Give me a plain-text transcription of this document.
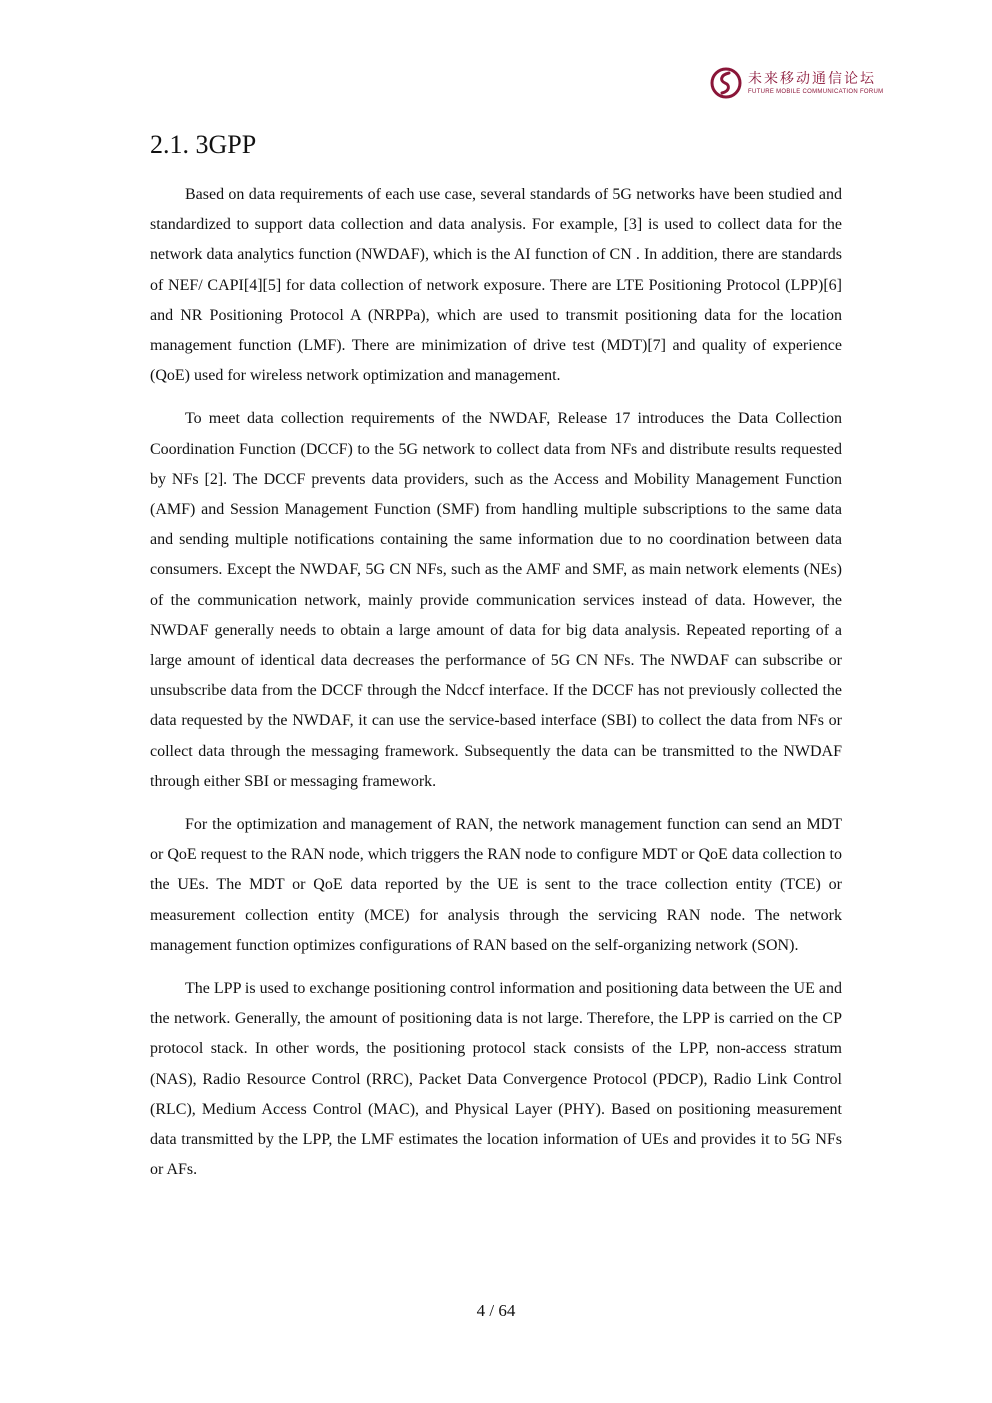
未来移动通信论坛
FUTURE MOBILE COMMUNICATION FORUM
2.1. 3GPP

Based on data requirements of each use case, several standards of 5G networks have been studied and standardized to support data collection and data analysis. For example, [3] is used to collect data for the network data analytics function (NWDAF), which is the AI function of CN . In addition, there are standards of NEF/ CAPI[4][5] for data collection of network exposure. There are LTE Positioning Protocol (LPP)[6] and NR Positioning Protocol A (NRPPa), which are used to transmit positioning data for the location management function (LMF). There are minimization of drive test (MDT)[7] and quality of experience (QoE) used for wireless network optimization and management.

To meet data collection requirements of the NWDAF, Release 17 introduces the Data Collection Coordination Function (DCCF) to the 5G network to collect data from NFs and distribute results requested by NFs [2]. The DCCF prevents data providers, such as the Access and Mobility Management Function (AMF) and Session Management Function (SMF) from handling multiple subscriptions to the same data and sending multiple notifications containing the same information due to no coordination between data consumers. Except the NWDAF, 5G CN NFs, such as the AMF and SMF, as main network elements (NEs) of the communication network, mainly provide communication services instead of data. However, the NWDAF generally needs to obtain a large amount of data for big data analysis. Repeated reporting of a large amount of identical data decreases the performance of 5G CN NFs. The NWDAF can subscribe or unsubscribe data from the DCCF through the Ndccf interface. If the DCCF has not previously collected the data requested by the NWDAF, it can use the service-based interface (SBI) to collect the data from NFs or collect data through the messaging framework. Subsequently the data can be transmitted to the NWDAF through either SBI or messaging framework.

For the optimization and management of RAN, the network management function can send an MDT or QoE request to the RAN node, which triggers the RAN node to configure MDT or QoE data collection to the UEs. The MDT or QoE data reported by the UE is sent to the trace collection entity (TCE) or measurement collection entity (MCE) for analysis through the servicing RAN node. The network management function optimizes configurations of RAN based on the self-organizing network (SON).

The LPP is used to exchange positioning control information and positioning data between the UE and the network. Generally, the amount of positioning data is not large. Therefore, the LPP is carried on the CP protocol stack. In other words, the positioning protocol stack consists of the LPP, non-access stratum (NAS), Radio Resource Control (RRC), Packet Data Convergence Protocol (PDCP), Radio Link Control (RLC), Medium Access Control (MAC), and Physical Layer (PHY). Based on positioning measurement data transmitted by the LPP, the LMF estimates the location information of UEs and provides it to 5G NFs or AFs.

4 / 64
